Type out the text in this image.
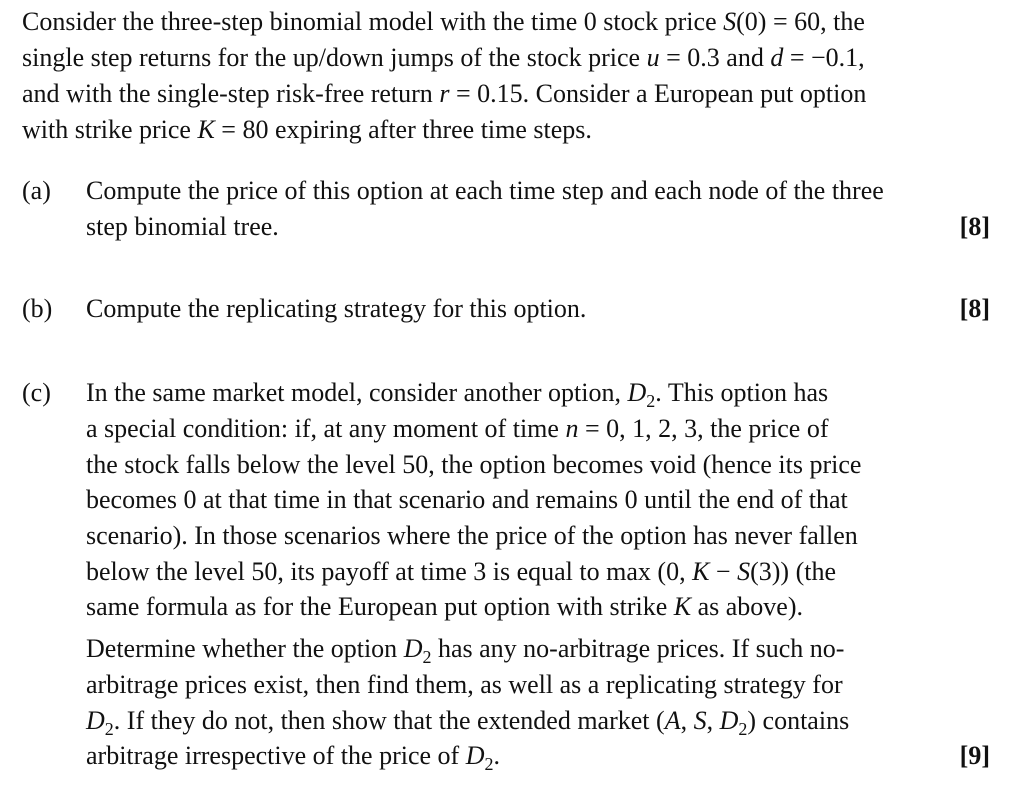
Consider the three-step binomial model with the time 0 stock price S(0) = 60, the
single step returns for the up/down jumps of the stock price u = 0.3 and d = −0.1,
and with the single-step risk-free return r = 0.15. Consider a European put option
with strike price K = 80 expiring after three time steps.
(a) Compute the price of this option at each time step and each node of the three
step binomial tree.	[8]
(b) Compute the replicating strategy for this option.	[8]
(c) In the same market model, consider another option, $D_2$. This option has
a special condition: if, at any moment of time n = 0, 1, 2, 3, the price of
the stock falls below the level 50, the option becomes void (hence its price
becomes 0 at that time in that scenario and remains 0 until the end of that
scenario). In those scenarios where the price of the option has never fallen
below the level 50, its payoff at time 3 is equal to max (0, K − S(3)) (the
same formula as for the European put option with strike K as above).
Determine whether the option $D_2$ has any no-arbitrage prices. If such no-
arbitrage prices exist, then find them, as well as a replicating strategy for
$D_2$. If they do not, then show that the extended market (A, S, $D_2$) contains
arbitrage irrespective of the price of $D_2$.	[9]
